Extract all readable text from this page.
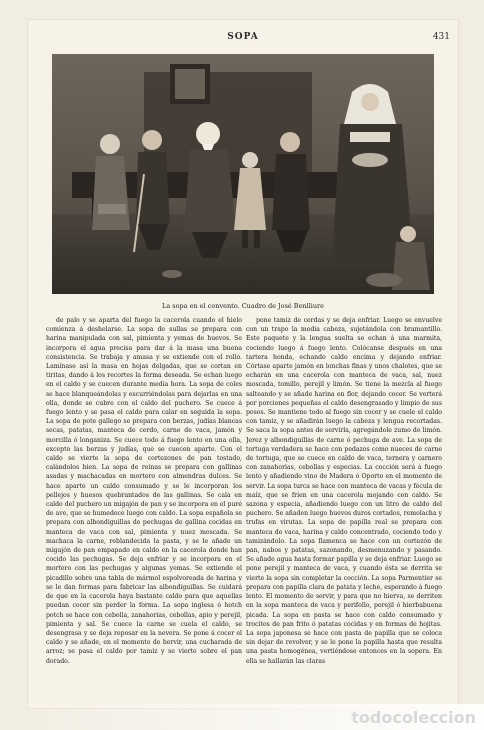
SOPA	431
La sopa en el convento. Cuadro de José Benlliure

de palo y se aparta del fuego la cacerola cuando el hielo comienza á deshelarse. La sopa de sullas se prepara con harina manipulada con sal, pimienta y yemas de huevos. Se incorpora el agua precisa para dar á la masa una buena consistencia. Se trabaja y amasa y se extiende con el rollo. Lamínase así la masa en hojas delgadas, que se cortan en tiritas, dando á los recortes la forma deseada. Se echan luego en el caldo y se cuecen durante media hora. La sopa de coles se hace blanqueándolas y escurriéndolas para dejarlas en una olla, donde se cubre con el caldo del puchero. Se cuece á fuego lento y se pasa el caldo para calar en seguida la sopa. La sopa de pote gallego se prepara con berzas, judías blancas secas, patatas, manteca de cerdo, carne de vaca, jamón y morcilla ó longaniza. Se cuece todo á fuego lento en una olla, excepto las berzas y judías, que se cuecen aparte. Con el caldo se vierte la sopa de cortezones de pan tostado, calándolos bien. La sopa de reinas se prepara con gallinas asadas y machacadas en mortero con almendras dulces. Se hace aparte un caldo consumado y se le incorporan los pellejos y huesos quebrantados de las gallinas. Se cala en caldo del puchero un migajón de pan y se incorpora en el puré de ave, que se humedece luego con caldo. La sopa española se prepara con albondiguillas de pechugas de gallina cocidas en manteca de vaca con sal, pimienta y nuez moscada. Se machaca la carne, reblandecida la pasta, y se le añade un migajón de pan empapado en caldo en la cacerola donde han cocido las pechugas. Se deja enfriar y se incorpora en el mortero con las pechugas y algunas yemas. Se extiende el picadillo sobre una tabla de mármol espolvoreada de harina y se le dan formas para fabricar las albondiguillas. Se cuidará de que en la cacerola haya bastante caldo para que aquellas puedan cocer sin perder la forma. La sopa inglesa ó hotch potch se hace con cebolla, zanahorias, cebollas, apio y perejil, pimienta y sal. Se cuece la carne se cuela el caldo, se desengrasa y se deja reposar en la nevera. Se pone á cocer el caldo y se añade, en el momento de hervir, una cucharada de arroz; se pasa el caldo por tamiz y se vierte sobre el pan dorado.

pone tamiz de cerdas y se deja enfriar. Luego se envuelve con un trapo la media cabeza, sujetándola con bramantillo. Este paquete y la lengua suelta se echan á una marmita, cociendo luego á fuego lento. Colócanse después en una tartera honda, echando caldo encima y dejando enfriar. Córtase aparte jamón en lonchas finas y unos chalotes, que se echarán en una cacerola con manteca de vaca, sal, nuez moscada, tomillo, perejil y limón. Se tiene la mezcla al fuego salteando y se añade harina en flor, dejando cocer. Se verterá por porciones pequeñas el caldo desengrasado y limpio de sus posos. Se mantiene todo al fuego sin cocer y se cuele el caldo con tamiz, y se añadirán luego la cabeza y lengua recortadas. Se saca la sopa antes de servirla, agregándole zumo de limón. Jerez y albondiguillas de carne ó pechuga de ave. La sopa de tortuga verdadera se hace con pedazos como nueces de carne de tortuga, que se cuece en caldo de vaca, ternera y carnero con zanahorias, cebollas y especias. La cocción será á fuego lento y añadiendo vino de Madera ó Oporto en el momento de servir. La sopa turca se hace con manteca de vacas y fécula de maíz, que se fríen en una cacerola mojando con caldo. Se sazona y especia, añadiendo luego con un litro de caldo del puchero. Se añaden luego huevos duros cortados, remolacha y trufas en virutas. La sopa de papilla real se prepara con manteca de vaca, harina y caldo concentrado, cociendo todo y tamizándolo. La sopa flamenca se hace con un cortezón de pan, nabos y patatas, sazonando, desmenuzando y pasando. Se añade agua hasta formar papilla y se deja enfriar. Luego se pone perejil y manteca de vaca, y cuando ésta se derrita se vierte la sopa sin completar la cocción. La sopa Parmentier se prepara con papilla clara de patata y leche, esperando á fuego lento. El momento de servir, y para que no hierva, se derriten en la sopa manteca de vaca y perifollo, perejil ó hierbabuena picada. La sopa en pasta se hace con caldo consumado y trocitos de pan frito ó patatas cocidas y en formas de hojitas. La sopa japonesa se hace con pasta de papilla que se coloca sin dejar de revolver, y se le pone la papilla hasta que resulta una pasta homogénea, vertiéndose entonces en la sopera. En ella se hallarán las claras

todocoleccion
